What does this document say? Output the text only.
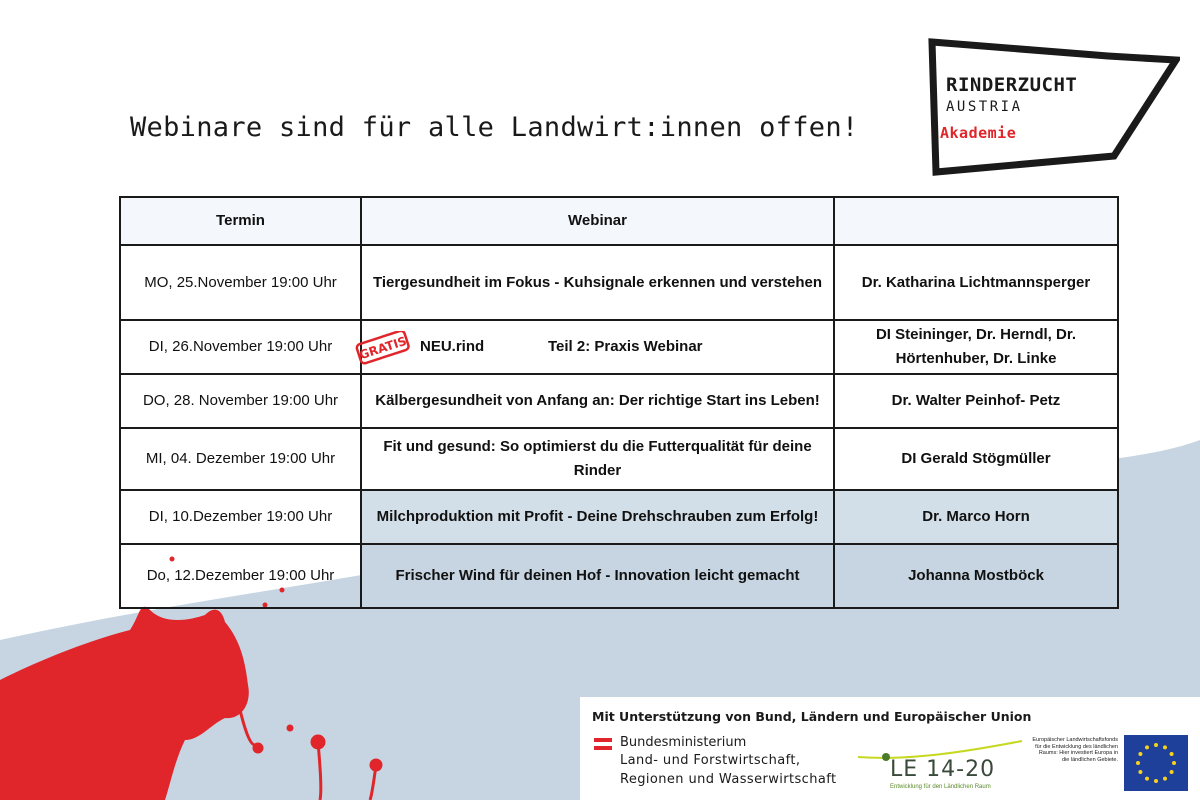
Webinare sind für alle Landwirt:innen offen!
RINDERZUCHT
AUSTRIA
Akademie
Termin	Webinar	
MO, 25.November 19:00 Uhr	Tiergesundheit im Fokus - Kuhsignale erkennen und verstehen	Dr. Katharina Lichtmannsperger
DI, 26.November 19:00 Uhr	GRATIS NEU.rind Teil 2: Praxis Webinar	DI Steininger, Dr. Herndl, Dr. Hörtenhuber, Dr. Linke
DO, 28. November 19:00 Uhr	Kälbergesundheit von Anfang an: Der richtige Start ins Leben!	Dr. Walter Peinhof- Petz
MI, 04. Dezember 19:00 Uhr	Fit und gesund: So optimierst du die Futterqualität für deine Rinder	DI Gerald Stögmüller
DI, 10.Dezember 19:00 Uhr	Milchproduktion mit Profit - Deine Drehschrauben zum Erfolg!	Dr. Marco Horn
Do, 12.Dezember 19:00 Uhr	Frischer Wind für deinen Hof - Innovation leicht gemacht	Johanna Mostböck
Mit Unterstützung von Bund, Ländern und Europäischer Union
Bundesministerium
Land- und Forstwirtschaft,
Regionen und Wasserwirtschaft LE 14-20
Entwicklung für den Ländlichen Raum
Europäischer Landwirtschaftsfonds für die Entwicklung des ländlichen Raums: Hier investiert Europa in die ländlichen Gebiete.
